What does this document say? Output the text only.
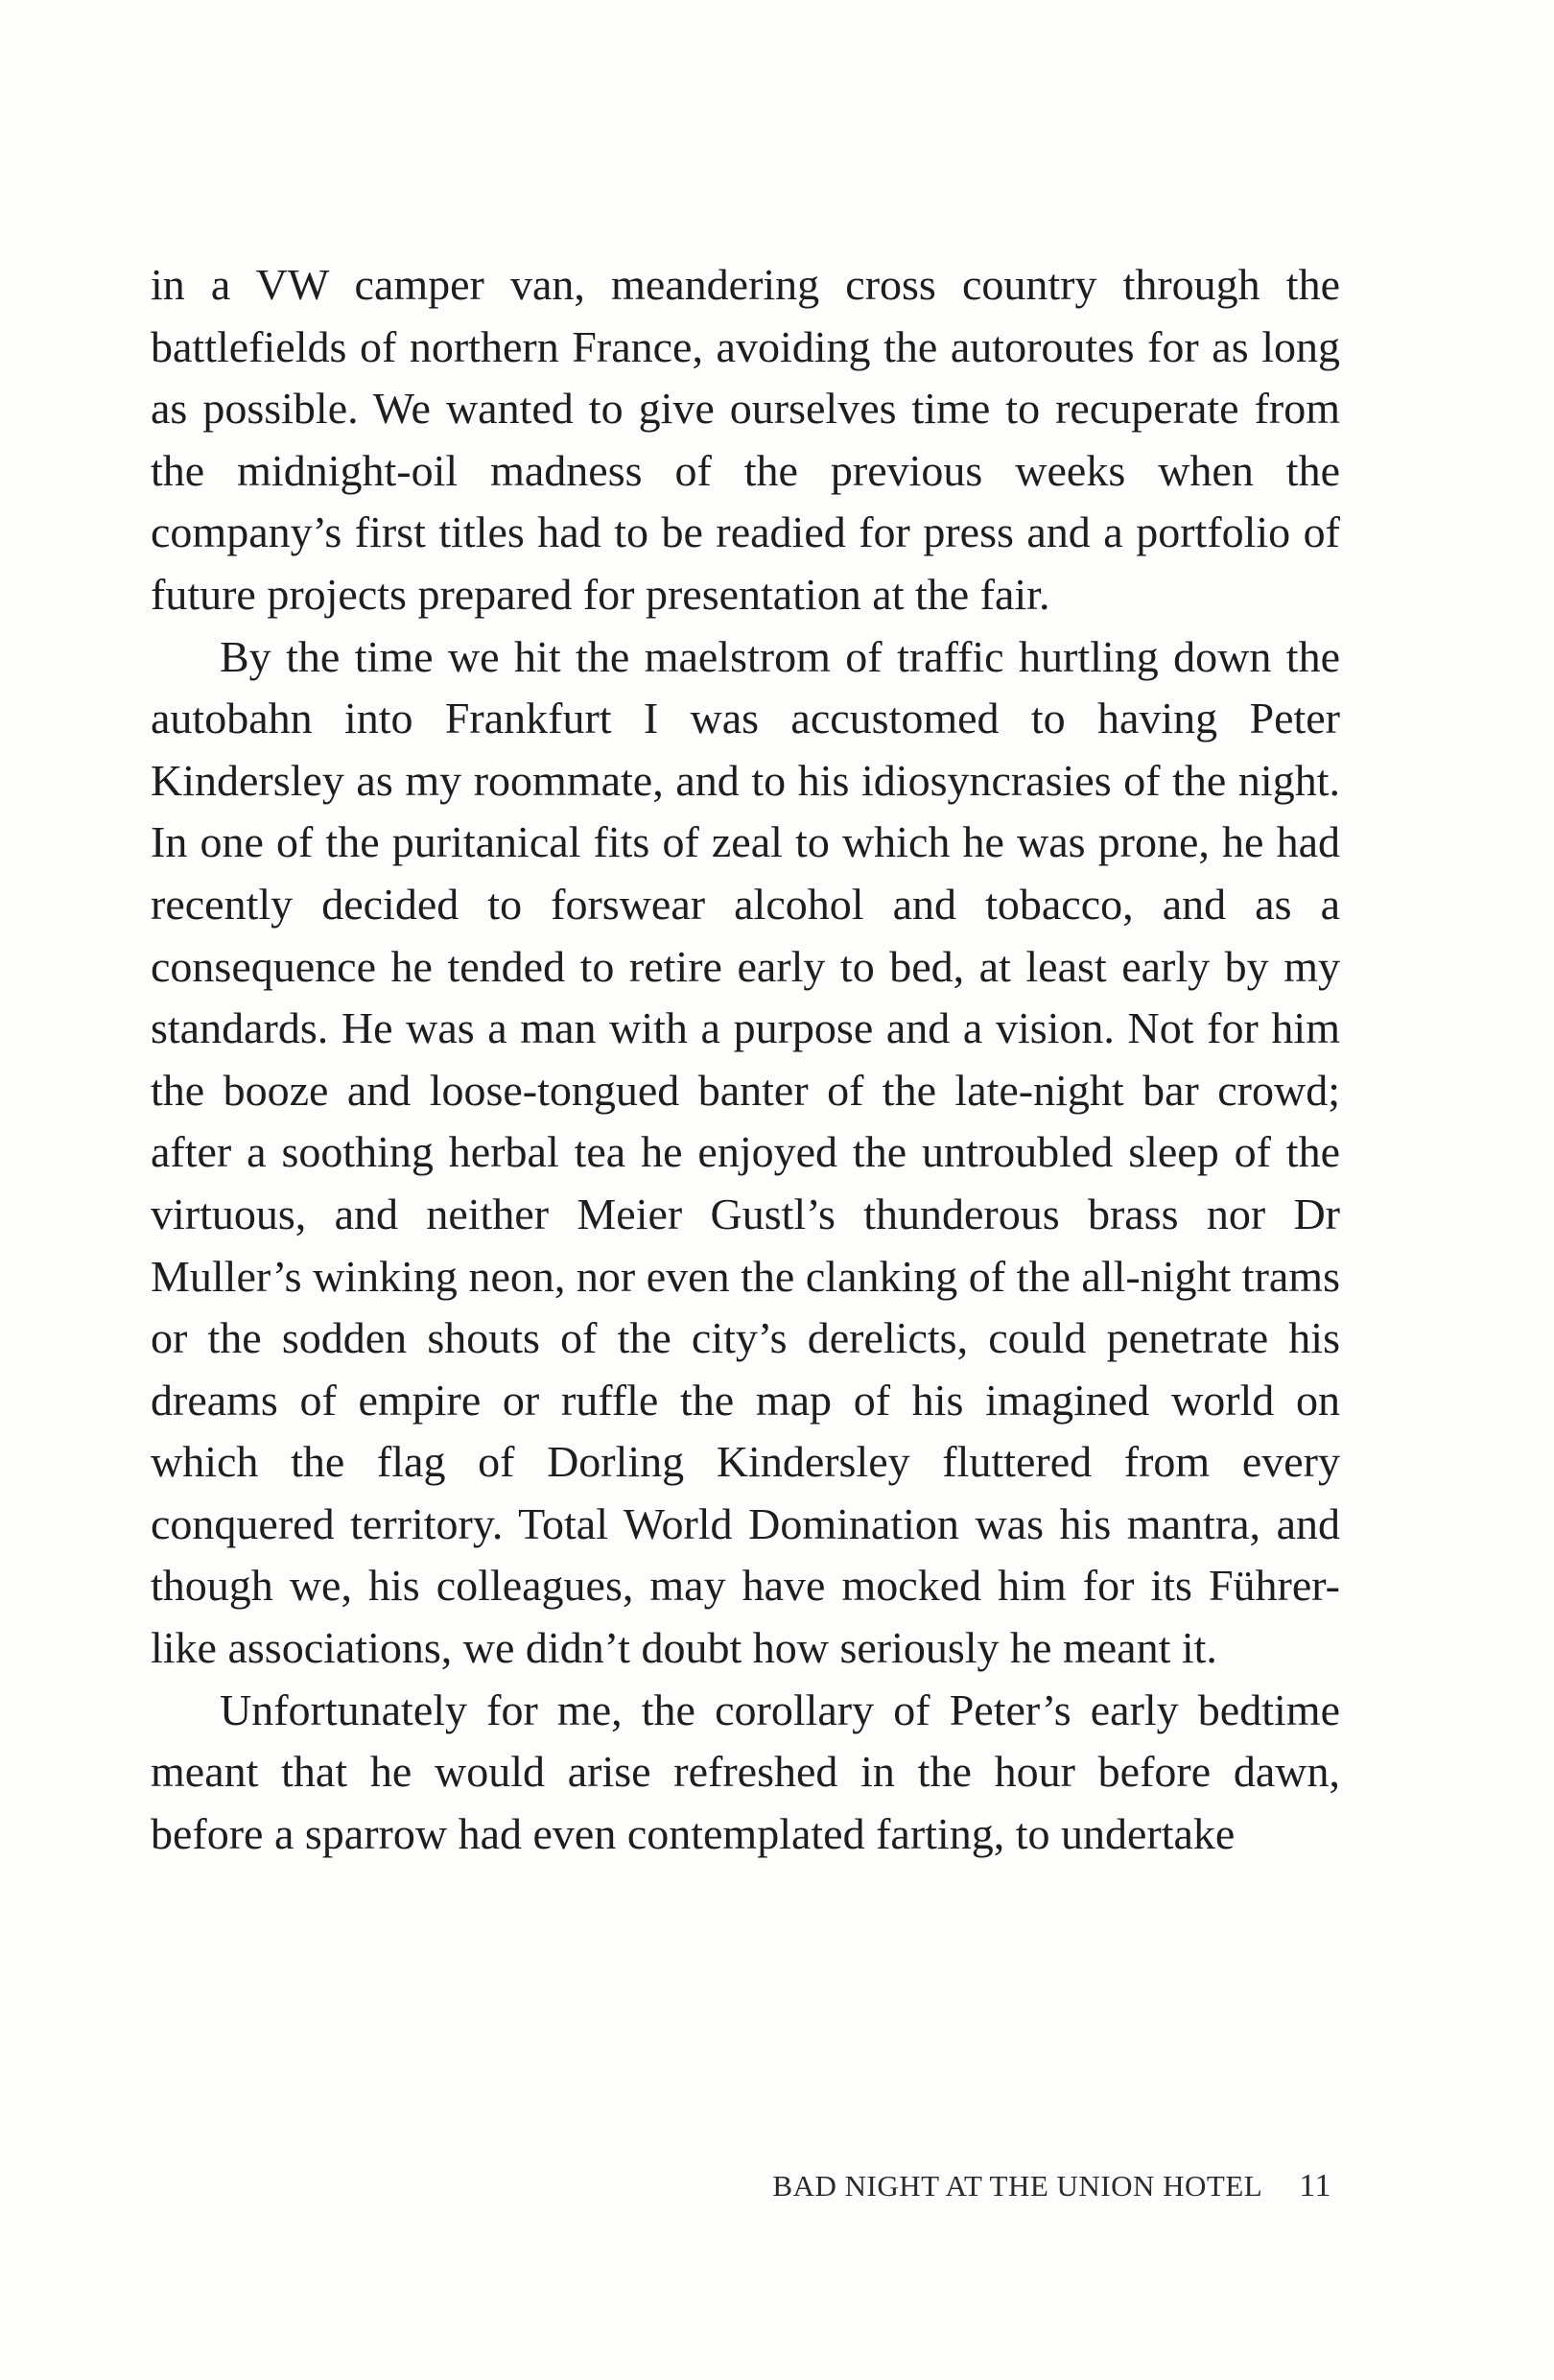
in a VW camper van, meandering cross country through the battlefields of northern France, avoiding the autoroutes for as long as possible. We wanted to give ourselves time to recuperate from the midnight-oil madness of the previous weeks when the company’s first titles had to be readied for press and a portfolio of future projects prepared for presentation at the fair.

By the time we hit the maelstrom of traffic hurtling down the autobahn into Frankfurt I was accustomed to having Peter Kindersley as my roommate, and to his idiosyncrasies of the night. In one of the puritanical fits of zeal to which he was prone, he had recently decided to forswear alcohol and tobacco, and as a consequence he tended to retire early to bed, at least early by my standards. He was a man with a purpose and a vision. Not for him the booze and loose-tongued banter of the late-night bar crowd; after a soothing herbal tea he enjoyed the untroubled sleep of the virtuous, and neither Meier Gustl’s thunderous brass nor Dr Muller’s winking neon, nor even the clanking of the all-night trams or the sodden shouts of the city’s derelicts, could penetrate his dreams of empire or ruffle the map of his imagined world on which the flag of Dorling Kindersley fluttered from every conquered territory. Total World Domination was his mantra, and though we, his colleagues, may have mocked him for its Führer-like associations, we didn’t doubt how seriously he meant it.

Unfortunately for me, the corollary of Peter’s early bedtime meant that he would arise refreshed in the hour before dawn, before a sparrow had even contemplated farting, to undertake

BAD NIGHT AT THE UNION HOTEL 11
